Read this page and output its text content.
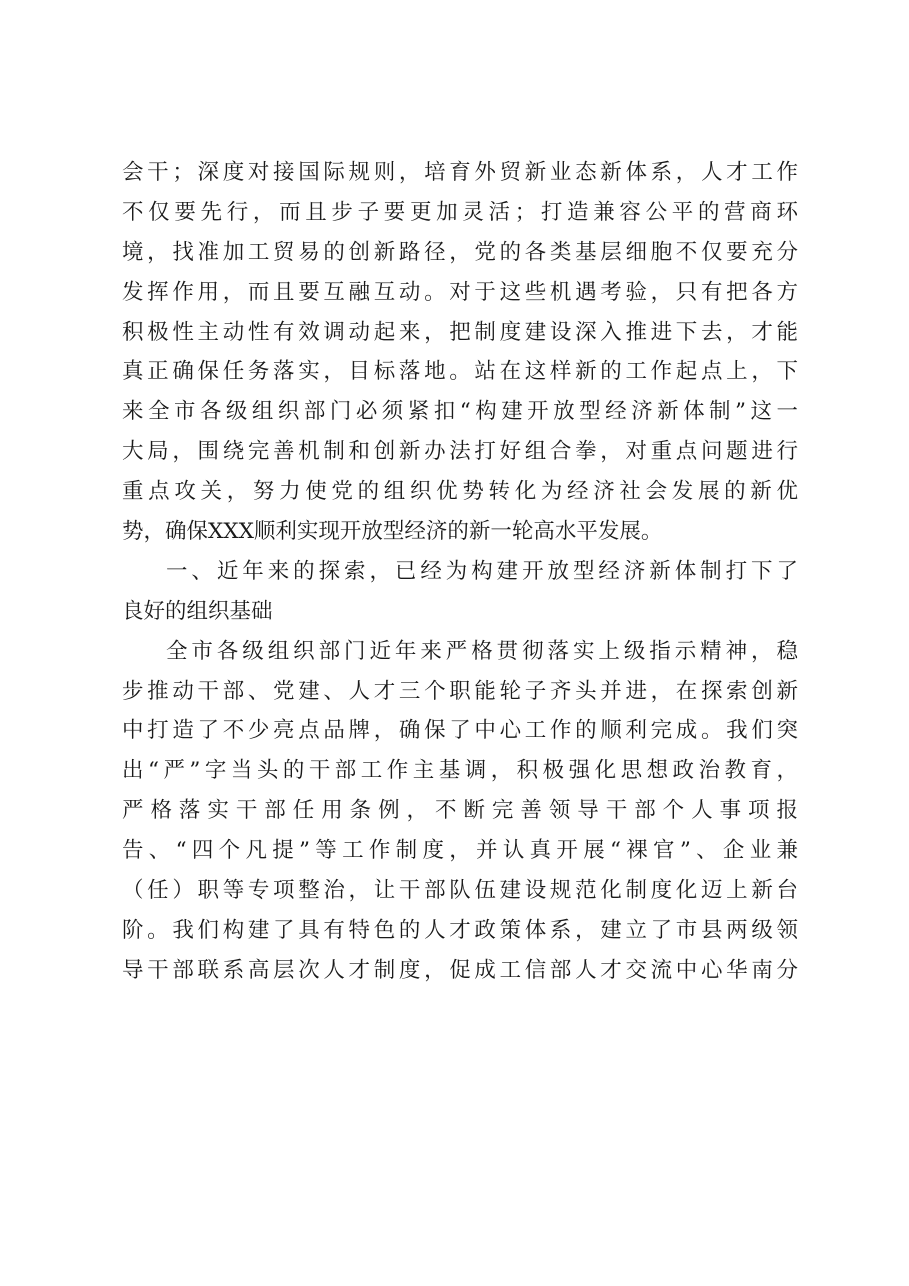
会干；深度对接国际规则，培育外贸新业态新体系，人才工作
不仅要先行，而且步子要更加灵活；打造兼容公平的营商环
境，找准加工贸易的创新路径，党的各类基层细胞不仅要充分
发挥作用，而且要互融互动。对于这些机遇考验，只有把各方
积极性主动性有效调动起来，把制度建设深入推进下去，才能
真正确保任务落实，目标落地。站在这样新的工作起点上，下
来全市各级组织部门必须紧扣“构建开放型经济新体制”这一
大局，围绕完善机制和创新办法打好组合拳，对重点问题进行
重点攻关，努力使党的组织优势转化为经济社会发展的新优
势，确保XXX顺利实现开放型经济的新一轮高水平发展。
一、近年来的探索，已经为构建开放型经济新体制打下了
良好的组织基础
全市各级组织部门近年来严格贯彻落实上级指示精神，稳
步推动干部、党建、人才三个职能轮子齐头并进，在探索创新
中打造了不少亮点品牌，确保了中心工作的顺利完成。我们突
出“严”字当头的干部工作主基调，积极强化思想政治教育，
严格落实干部任用条例，不断完善领导干部个人事项报
告、“四个凡提”等工作制度，并认真开展“裸官”、企业兼
（任）职等专项整治，让干部队伍建设规范化制度化迈上新台
阶。我们构建了具有特色的人才政策体系，建立了市县两级领
导干部联系高层次人才制度，促成工信部人才交流中心华南分
